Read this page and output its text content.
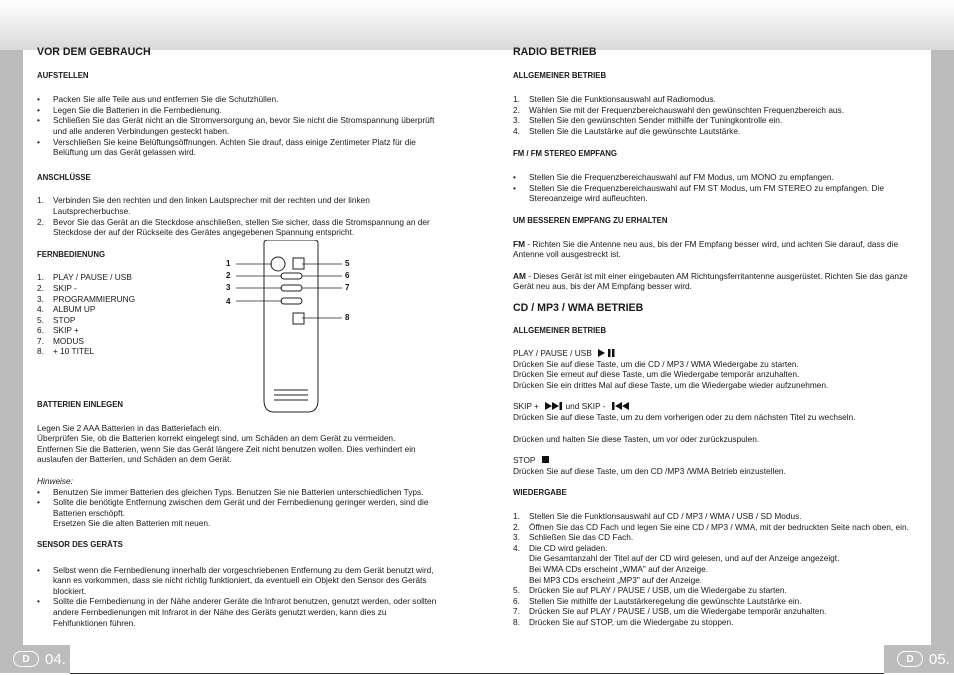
D	04.	D	05.
VOR DEM GEBRAUCH
AUFSTELLEN
• Packen Sie alle Teile aus und entfernen Sie die Schutzhüllen.
• Legen Sie die Batterien in die Fernbedienung.
• Schließen Sie das Gerät nicht an die Stromversorgung an, bevor Sie nicht die Stromspannung überprüft und alle anderen Verbindungen gesteckt haben.
• Verschließen Sie keine Belüftungsöffnungen. Achten Sie drauf, dass einige Zentimeter Platz für die Belüftung um das Gerät gelassen wird.
ANSCHLÜSSE
1. Verbinden Sie den rechten und den linken Lautsprecher mit der rechten und der linken Lautsprecherbuchse.
2. Bevor Sie das Gerät an die Steckdose anschließen, stellen Sie sicher, dass die Stromspannung an der Steckdose der auf der Rückseite des Gerätes angegebenen Spannung entspricht.
FERNBEDIENUNG
1. PLAY / PAUSE / USB
2. SKIP -
3. PROGRAMMIERUNG
4. ALBUM UP
5. STOP
6. SKIP +
7. MODUS
8. + 10 TITEL
BATTERIEN EINLEGEN

Legen Sie 2 AAA Batterien in das Batteriefach ein.

Überprüfen Sie, ob die Batterien korrekt eingelegt sind, um Schäden an dem Gerät zu vermeiden.

Entfernen Sie die Batterien, wenn Sie das Gerät längere Zeit nicht benutzen wollen. Dies verhindert ein auslaufen der Batterien, und Schäden an dem Gerät.

Hinweise:

• Benutzen Sie immer Batterien des gleichen Typs. Benutzen Sie nie Batterien unterschiedlichen Typs.
• Sollte die benötigte Entfernung zwischen dem Gerät und der Fernbedienung geringer werden, sind die Batterien erschöpft.
Ersetzen Sie die alten Batterien mit neuen.
SENSOR DES GERÄTS
• Selbst wenn die Fernbedienung innerhalb der vorgeschriebenen Entfernung zu dem Gerät benutzt wird, kann es vorkommen, dass sie nicht richtig funktioniert, da eventuell ein Objekt den Sensor des Geräts blockiert.
• Sollte die Fernbedienung in der Nähe anderer Geräte die Infrarot benutzen, genutzt werden, oder sollten andere Fernbedienungen mit Infrarot in der Nähe des Geräts genutzt werden, kann dies zu Fehlfunktionen führen.
1
2
3
4
5
6
7
8
RADIO BETRIEB
ALLGEMEINER BETRIEB
1. Stellen Sie die Funktionsauswahl auf Radiomodus.
2. Wählen Sie mit der Frequenzbereichauswahl den gewünschten Frequenzbereich aus.
3. Stellen Sie den gewünschten Sender mithilfe der Tuningkontrolle ein.
4. Stellen Sie die Lautstärke auf die gewünschte Lautstärke.
FM / FM STEREO EMPFANG
• Stellen Sie die Frequenzbereichauswahl auf FM Modus, um MONO zu empfangen.
• Stellen Sie die Frequenzbereichauswahl auf FM ST Modus, um FM STEREO zu empfangen. Die Stereoanzeige wird aufleuchten.
UM BESSEREN EMPFANG ZU ERHALTEN

FM - Richten Sie die Antenne neu aus, bis der FM Empfang besser wird, und achten Sie darauf, dass die Antenne voll ausgestreckt ist.

AM - Dieses Gerät ist mit einer eingebauten AM Richtungsferritantenne ausgerüstet. Richten Sie das ganze Gerät neu aus, bis der AM Empfang besser wird.

CD / MP3 / WMA BETRIEB
ALLGEMEINER BETRIEB

PLAY / PAUSE / USB

Drücken Sie auf diese Taste, um die CD / MP3 / WMA Wiedergabe zu starten.

Drücken Sie erneut auf diese Taste, um die Wiedergabe temporär anzuhalten.

Drücken Sie ein drittes Mal auf diese Taste, um die Wiedergabe wieder aufzunehmen.

SKIP +	und SKIP -

Drücken Sie auf diese Taste, um zu dem vorherigen oder zu dem nächsten Titel zu wechseln.

Drücken und halten Sie diese Tasten, um vor oder zurückzuspulen.

STOP

Drücken Sie auf diese Taste, um den CD /MP3 /WMA Betrieb einzustellen.

WIEDERGABE
1. Stellen Sie die Funktionsauswahl auf CD / MP3 / WMA / USB / SD Modus.
2. Öffnen Sie das CD Fach und legen Sie eine CD / MP3 / WMA, mit der bedruckten Seite nach oben, ein.
3. Schließen Sie das CD Fach.
4. Die CD wird geladen.
Die Gesamtanzahl der Titel auf der CD wird gelesen, und auf der Anzeige angezeigt.
Bei WMA CDs erscheint „WMA" auf der Anzeige.
Bei MP3 CDs erscheint „MP3" auf der Anzeige.
5. Drücken Sie auf PLAY / PAUSE / USB, um die Wiedergabe zu starten.
6. Stellen Sie mithilfe der Lautstärkeregelung die gewünschte Lautstärke ein.
7. Drücken Sie auf PLAY / PAUSE / USB, um die Wiedergabe temporär anzuhalten.
8. Drücken Sie auf STOP, um die Wiedergabe zu stoppen.
